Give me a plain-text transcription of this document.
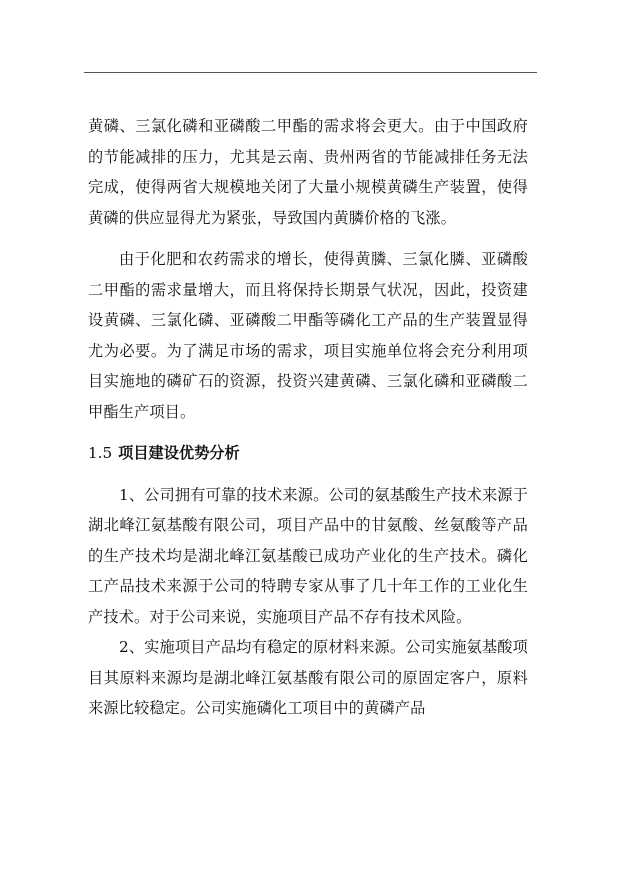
黄磷、三氯化磷和亚磷酸二甲酯的需求将会更大。由于中国政府的节能减排的压力，尤其是云南、贵州两省的节能减排任务无法完成，使得两省大规模地关闭了大量小规模黄磷生产装置，使得黄磷的供应显得尤为紧张，导致国内黄膦价格的飞涨。

由于化肥和农药需求的增长，使得黄膦、三氯化膦、亚磷酸二甲酯的需求量增大，而且将保持长期景气状况，因此，投资建设黄磷、三氯化磷、亚磷酸二甲酯等磷化工产品的生产装置显得尤为必要。为了满足市场的需求，项目实施单位将会充分利用项目实施地的磷矿石的资源，投资兴建黄磷、三氯化磷和亚磷酸二甲酯生产项目。

1.5 项目建设优势分析

1、公司拥有可靠的技术来源。公司的氨基酸生产技术来源于湖北峰江氨基酸有限公司，项目产品中的甘氨酸、丝氨酸等产品的生产技术均是湖北峰江氨基酸已成功产业化的生产技术。磷化工产品技术来源于公司的特聘专家从事了几十年工作的工业化生产技术。对于公司来说，实施项目产品不存有技术风险。

2、实施项目产品均有稳定的原材料来源。公司实施氨基酸项目其原料来源均是湖北峰江氨基酸有限公司的原固定客户，原料来源比较稳定。公司实施磷化工项目中的黄磷产品
